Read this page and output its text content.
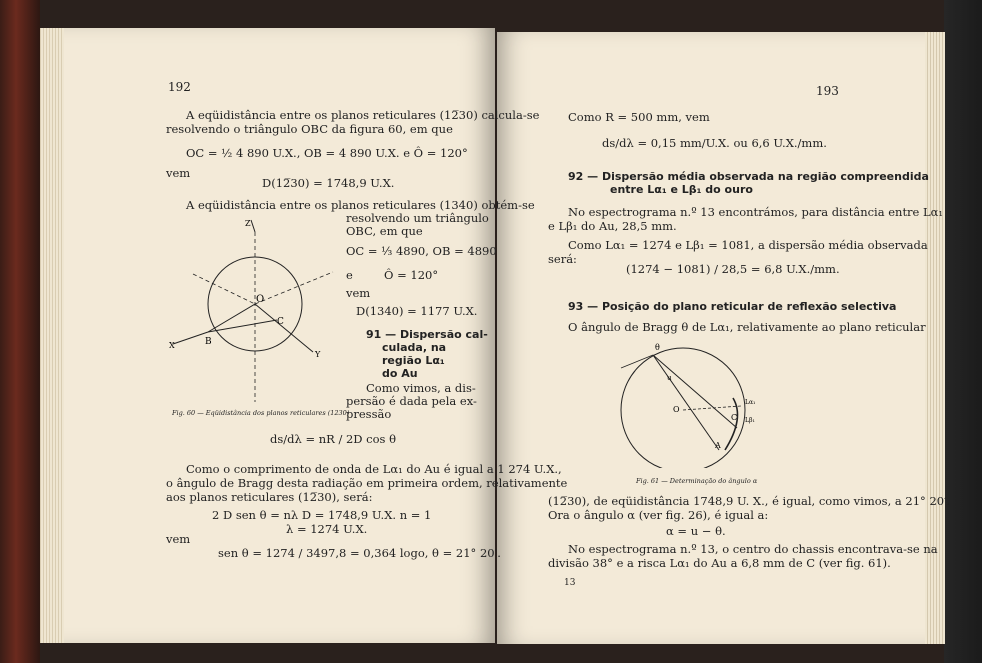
192
A eqüidistância entre os planos reticulares (12̅30) calcula-se
resolvendo o triângulo OBC da figura 60, em que
OC = ½ 4 890 U.X., OB = 4 890 U.X. e Ô = 120°
vem
D(12̅30) = 1748,9 U.X.
A eqüidistância entre os planos reticulares (1340) obtém-se
resolvendo um triângulo
OBC, em que
OC = ⅓ 4890, OB = 4890
e	Ô = 120°
vem
D(1340) = 1177 U.X.
91 — Dispersão cal-
culada, na
região Lα₁
do Au
Como vimos, a dis-
persão é dada pela ex-
pressão
Fig. 60 — Eqüidistância dos planos reticulares (1230)
ds/dλ = nR / 2D cos θ
Como o comprimento de onda de Lα₁ do Au é igual a 1 274 U.X.,
o ângulo de Bragg desta radiação em primeira ordem, relativamente
aos planos reticulares (12̅30), será:
2 D sen θ = nλ D = 1748,9 U.X. n = 1
λ = 1274 U.X.
vem
sen θ = 1274 / 3497,8 = 0,364 logo, θ = 21° 20′.
O
B
C
Y
X
Z
193
Como R = 500 mm, vem
ds/dλ = 0,15 mm/U.X. ou 6,6 U.X./mm.
92 — Dispersão média observada na região compreendida
entre Lα₁ e Lβ₁ do ouro
No espectrograma n.º 13 encontrámos, para distância entre Lα₁
e Lβ₁ do Au, 28,5 mm.
Como Lα₁ = 1274 e Lβ₁ = 1081, a dispersão média observada
será:
(1274 − 1081) / 28,5 = 6,8 U.X./mm.
93 — Posição do plano reticular de reflexão selectiva
O ângulo de Bragg θ de Lα₁, relativamente ao plano reticular
Fig. 61 — Determinação do ângulo α
(12̅30), de eqüidistância 1748,9 U. X., é igual, como vimos, a 21° 20′.
Ora o ângulo α (ver fig. 26), é igual a:
α = u − θ.
No espectrograma n.º 13, o centro do chassis encontrava-se na
divisão 38° e a risca Lα₁ do Au a 6,8 mm de C (ver fig. 61).
13
θ
u
O
C
Lα₁
Lβ₁
A
